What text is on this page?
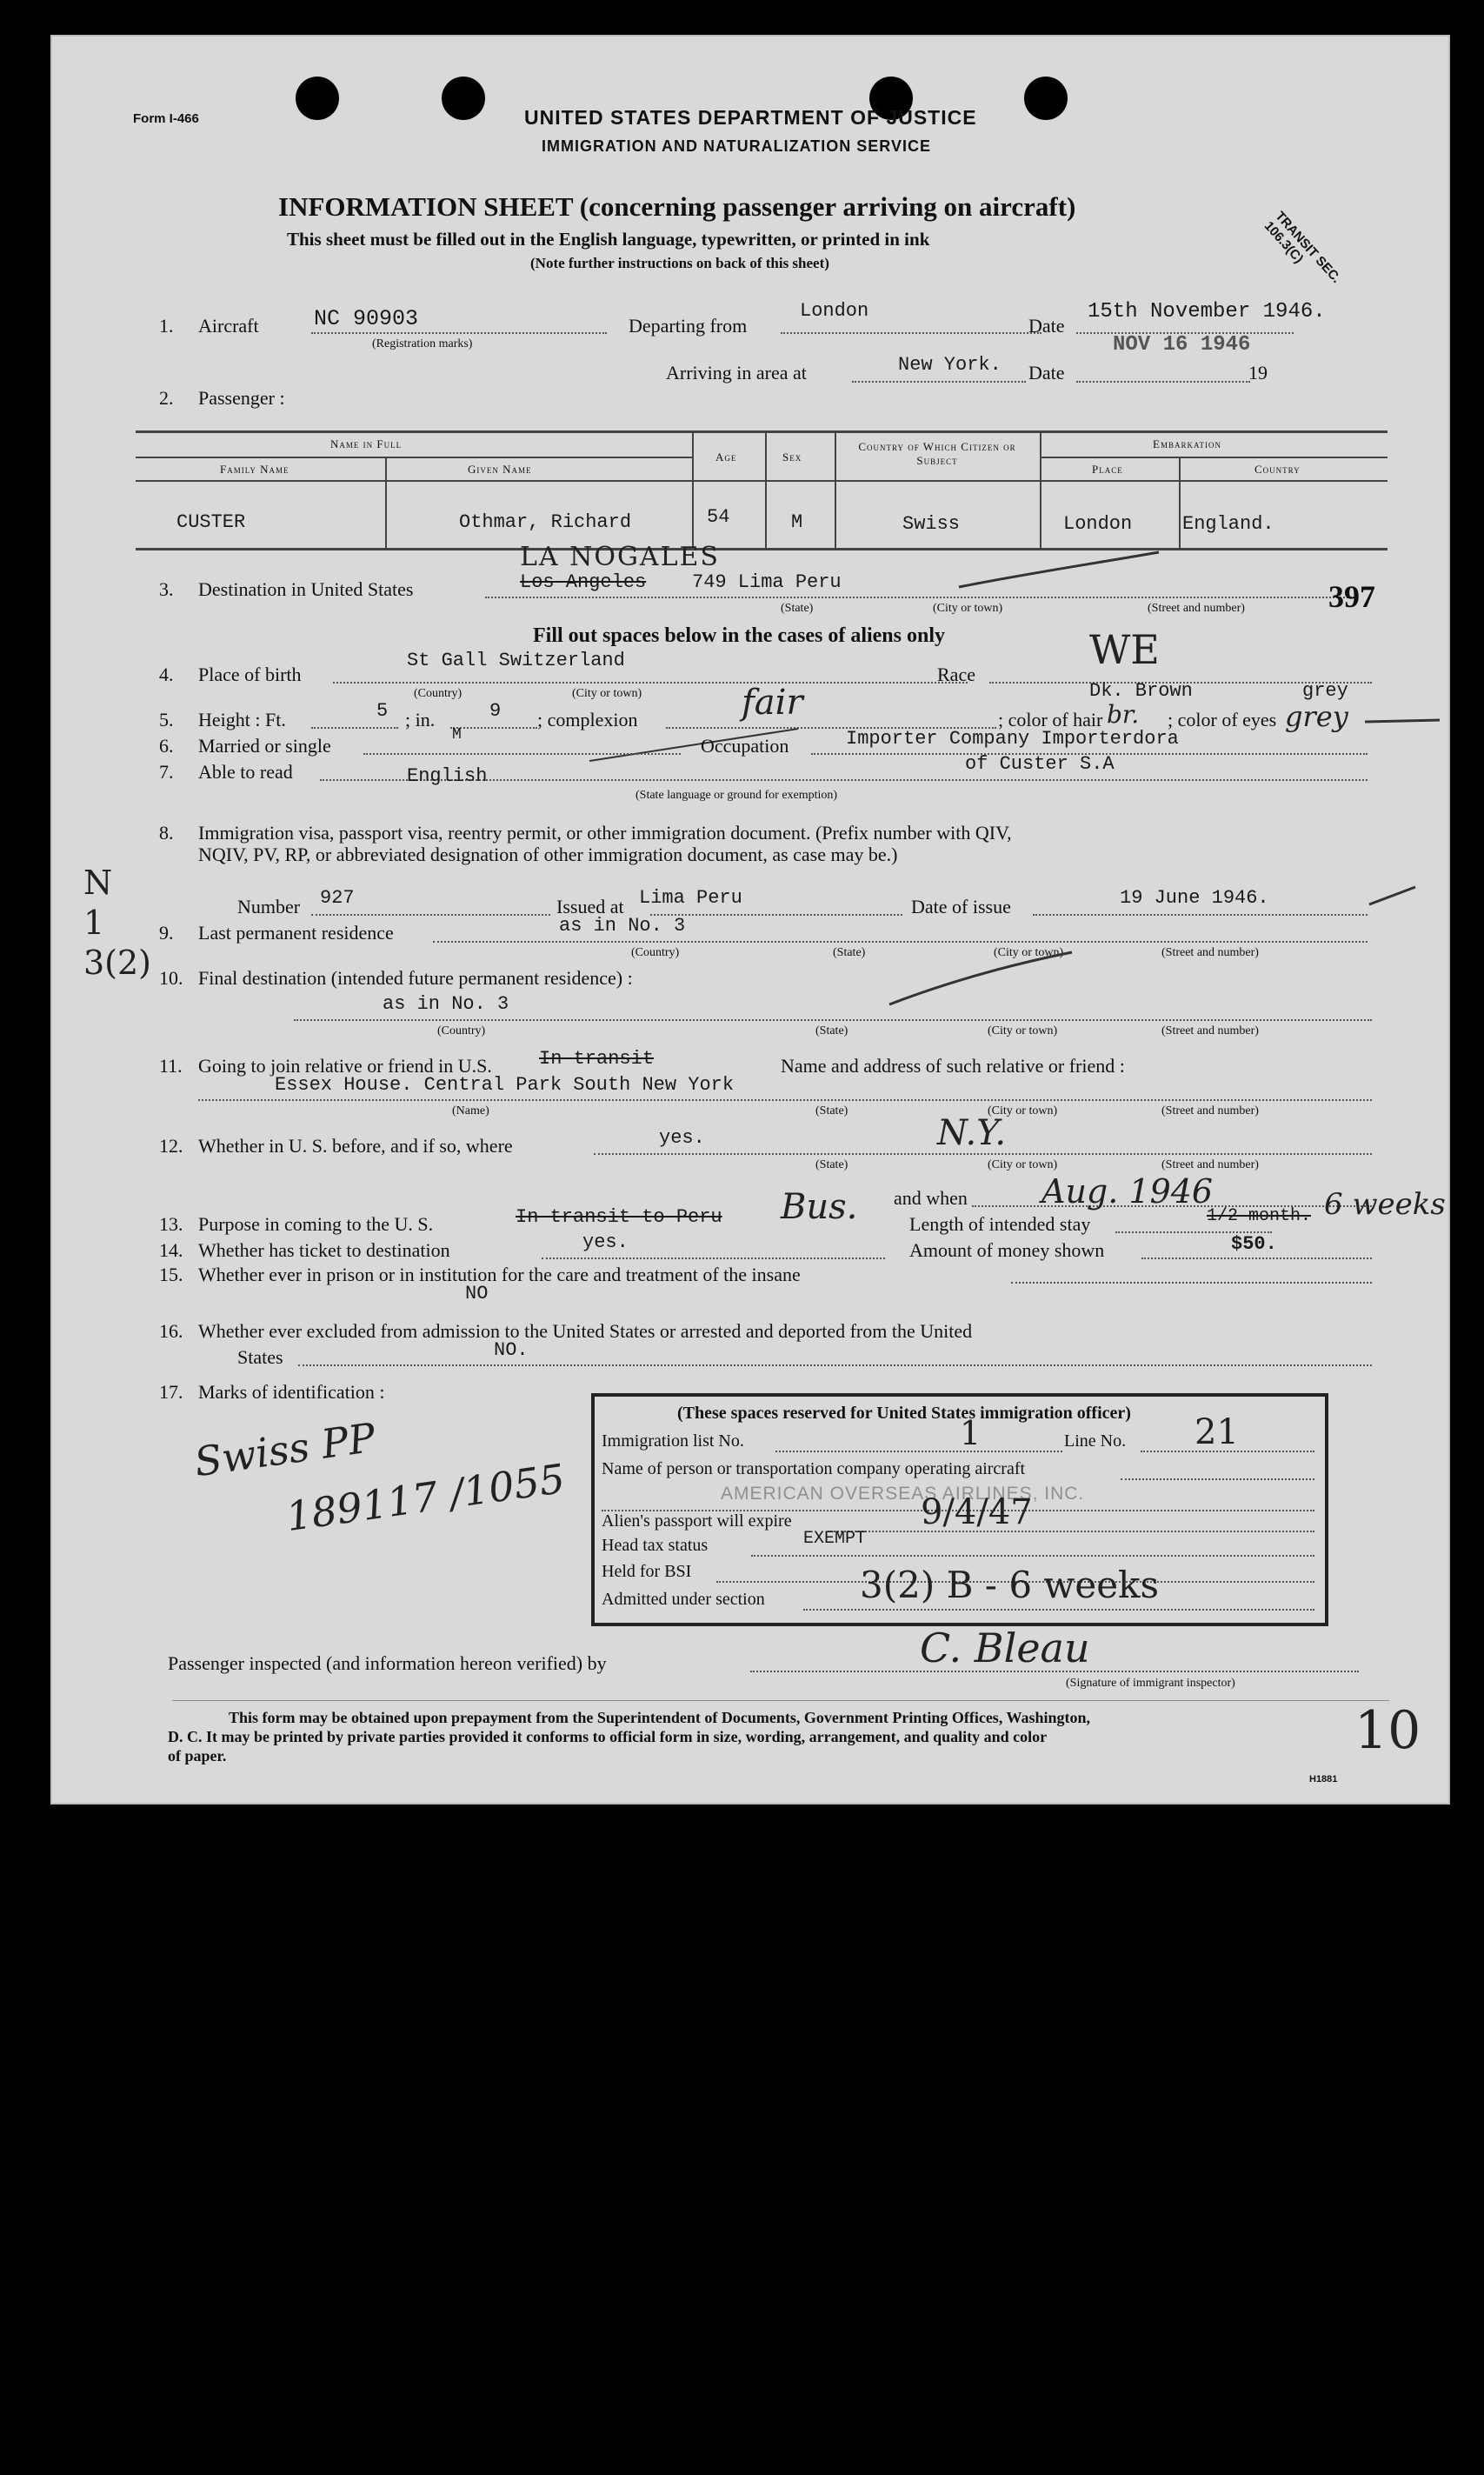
Form I-466	UNITED STATES DEPARTMENT OF JUSTICE
IMMIGRATION AND NATURALIZATION SERVICE
INFORMATION SHEET (concerning passenger arriving on aircraft)
This sheet must be filled out in the English language, typewritten, or printed in ink
(Note further instructions on back of this sheet)	TRANSIT SEC. 106.3(C)
1. Aircraft	NC 90903
(Registration marks)
Departing from
London
Date
15th November 1946.
Arriving in area at	New York. Date
NOV 16 1946
19
2. Passenger :
Name in Full
Family Name	Given Name
Age	Sex
Country of Which Citizen or Subject
Embarkation
Place	Country
CUSTER	Othmar, Richard	54	M	Swiss	London	England.
3. Destination in United States
LA NOGALES
Los Angeles 749 Lima Peru
(State)	(City or town)	(Street and number)	397
Fill out spaces below in the cases of aliens only
4. Place of birth
St Gall Switzerland
(Country)	(City or town)
Race
WE
5. Height : Ft.	5 ; in.	9 ; complexion	fair	; color of hair
Dk. Brown
br. ; color of eyes
grey
grey
6. Married or single	M	Occupation	Importer Company Importerdora
7. Able to read	English
of Custer S.A
(State language or ground for exemption)
8. Immigration visa, passport visa, reentry permit, or other immigration document. (Prefix number with QIV,
NQIV, PV, RP, or abbreviated designation of other immigration document, as case may be.)
N 1 3(2)
Number 927	Issued at Lima Peru	Date of issue	19 June 1946.
9. Last permanent residence	as in No. 3
(Country)	(State)	(City or town)	(Street and number)
10. Final destination (intended future permanent residence) :
as in No. 3
(Country)	(State)	(City or town)	(Street and number)
11. Going to join relative or friend in U.S. In transit	Name and address of such relative or friend :
Essex House. Central Park South New York
(Name)	(State)	(City or town)	(Street and number)
12. Whether in U. S. before, and if so, where	yes.	N.Y.
(State)	(City or town)	(Street and number)
and when Aug. 1946
13. Purpose in coming to the U. S.	In transit to Peru Bus.	Length of intended stay	1/2 month. 6 weeks
14. Whether has ticket to destination	yes.	Amount of money shown	$50.
15. Whether ever in prison or in institution for the care and treatment of the insane
NO
16. Whether ever excluded from admission to the United States or arrested and deported from the United
States	NO.
17. Marks of identification :
Swiss PP
189117 /1055
(These spaces reserved for United States immigration officer)
Immigration list No.	1	Line No. 21
Name of person or transportation company operating aircraft
AMERICAN OVERSEAS AIRLINES, INC.
Alien's passport will expire	9/4/47
Head tax status	EXEMPT
Held for BSI
Admitted under section	3(2) B - 6 weeks
Passenger inspected (and information hereon verified) by	C. Bleau
(Signature of immigrant inspector)
This form may be obtained upon prepayment from the Superintendent of Documents, Government Printing Offices, Washington,
D. C. It may be printed by private parties provided it conforms to official form in size, wording, arrangement, and quality and color
of paper.	10
H1881
